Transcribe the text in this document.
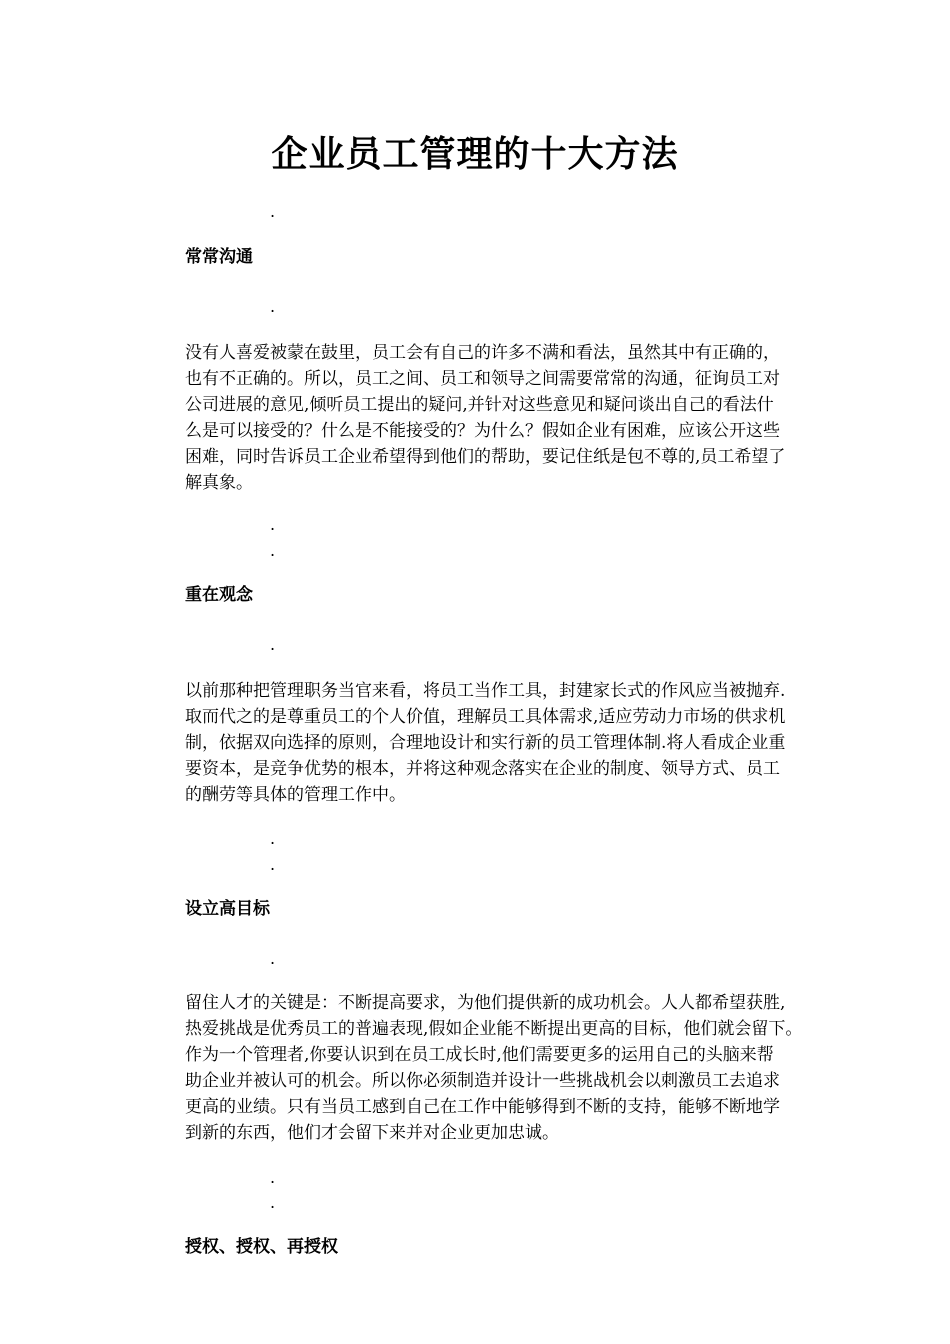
企业员工管理的十大方法
.
常常沟通
.

没有人喜爱被蒙在鼓里，员工会有自己的许多不满和看法，虽然其中有正确的，
也有不正确的。所以，员工之间、员工和领导之间需要常常的沟通，征询员工对
公司进展的意见,倾听员工提出的疑问,并针对这些意见和疑问谈出自己的看法什
么是可以接受的？什么是不能接受的？为什么？假如企业有困难，应该公开这些
困难，同时告诉员工企业希望得到他们的帮助，要记住纸是包不尊的,员工希望了
解真象。

.
.
重在观念
.

以前那种把管理职务当官来看，将员工当作工具，封建家长式的作风应当被抛弃.
取而代之的是尊重员工的个人价值，理解员工具体需求,适应劳动力市场的供求机
制，依据双向选择的原则，合理地设计和实行新的员工管理体制.将人看成企业重
要资本，是竞争优势的根本，并将这种观念落实在企业的制度、领导方式、员工
的酬劳等具体的管理工作中。

.
.
设立高目标
.

留住人才的关键是：不断提高要求，为他们提供新的成功机会。人人都希望获胜,
热爱挑战是优秀员工的普遍表现,假如企业能不断提出更高的目标，他们就会留下。
作为一个管理者,你要认识到在员工成长时,他们需要更多的运用自己的头脑来帮
助企业并被认可的机会。所以你必须制造并设计一些挑战机会以刺激员工去追求
更高的业绩。只有当员工感到自己在工作中能够得到不断的支持，能够不断地学
到新的东西，他们才会留下来并对企业更加忠诚。

.
.
授权、授权、再授权
